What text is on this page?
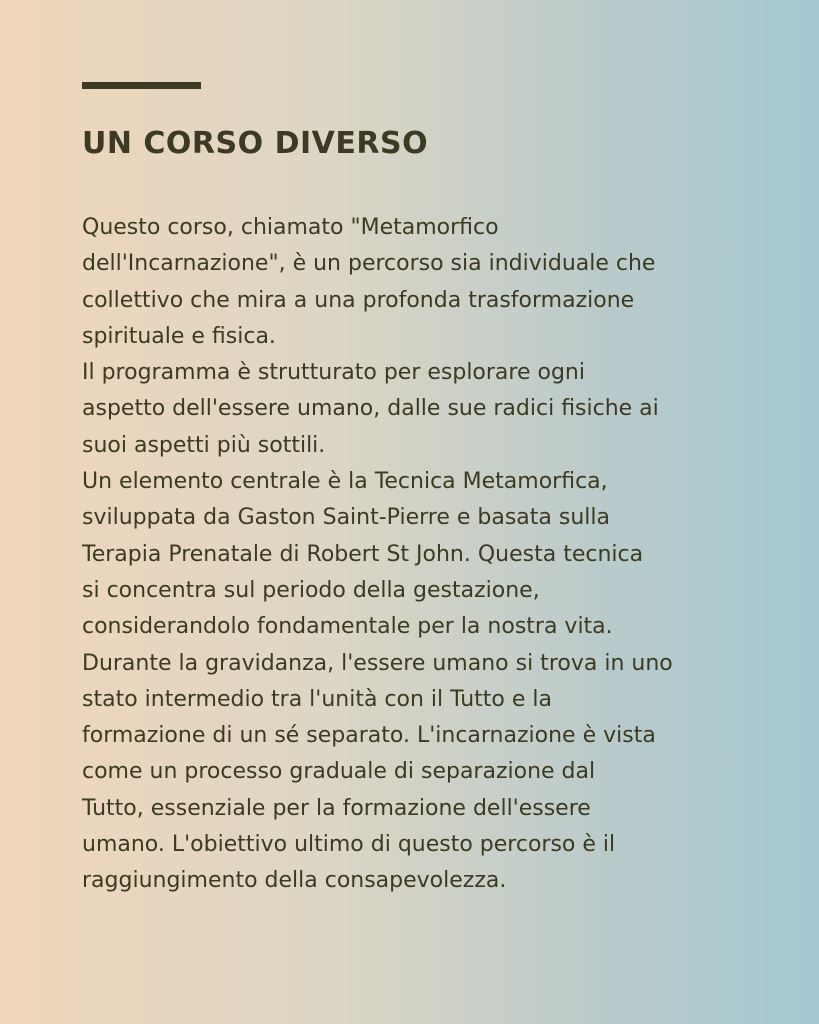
UN CORSO DIVERSO
Questo corso, chiamato "Metamorfico
dell'Incarnazione", è un percorso sia individuale che
collettivo che mira a una profonda trasformazione
spirituale e fisica.
Il programma è strutturato per esplorare ogni
aspetto dell'essere umano, dalle sue radici fisiche ai
suoi aspetti più sottili.
Un elemento centrale è la Tecnica Metamorfica,
sviluppata da Gaston Saint-Pierre e basata sulla
Terapia Prenatale di Robert St John. Questa tecnica
si concentra sul periodo della gestazione,
considerandolo fondamentale per la nostra vita.
Durante la gravidanza, l'essere umano si trova in uno
stato intermedio tra l'unità con il Tutto e la
formazione di un sé separato. L'incarnazione è vista
come un processo graduale di separazione dal
Tutto, essenziale per la formazione dell'essere
umano. L'obiettivo ultimo di questo percorso è il
raggiungimento della consapevolezza.
